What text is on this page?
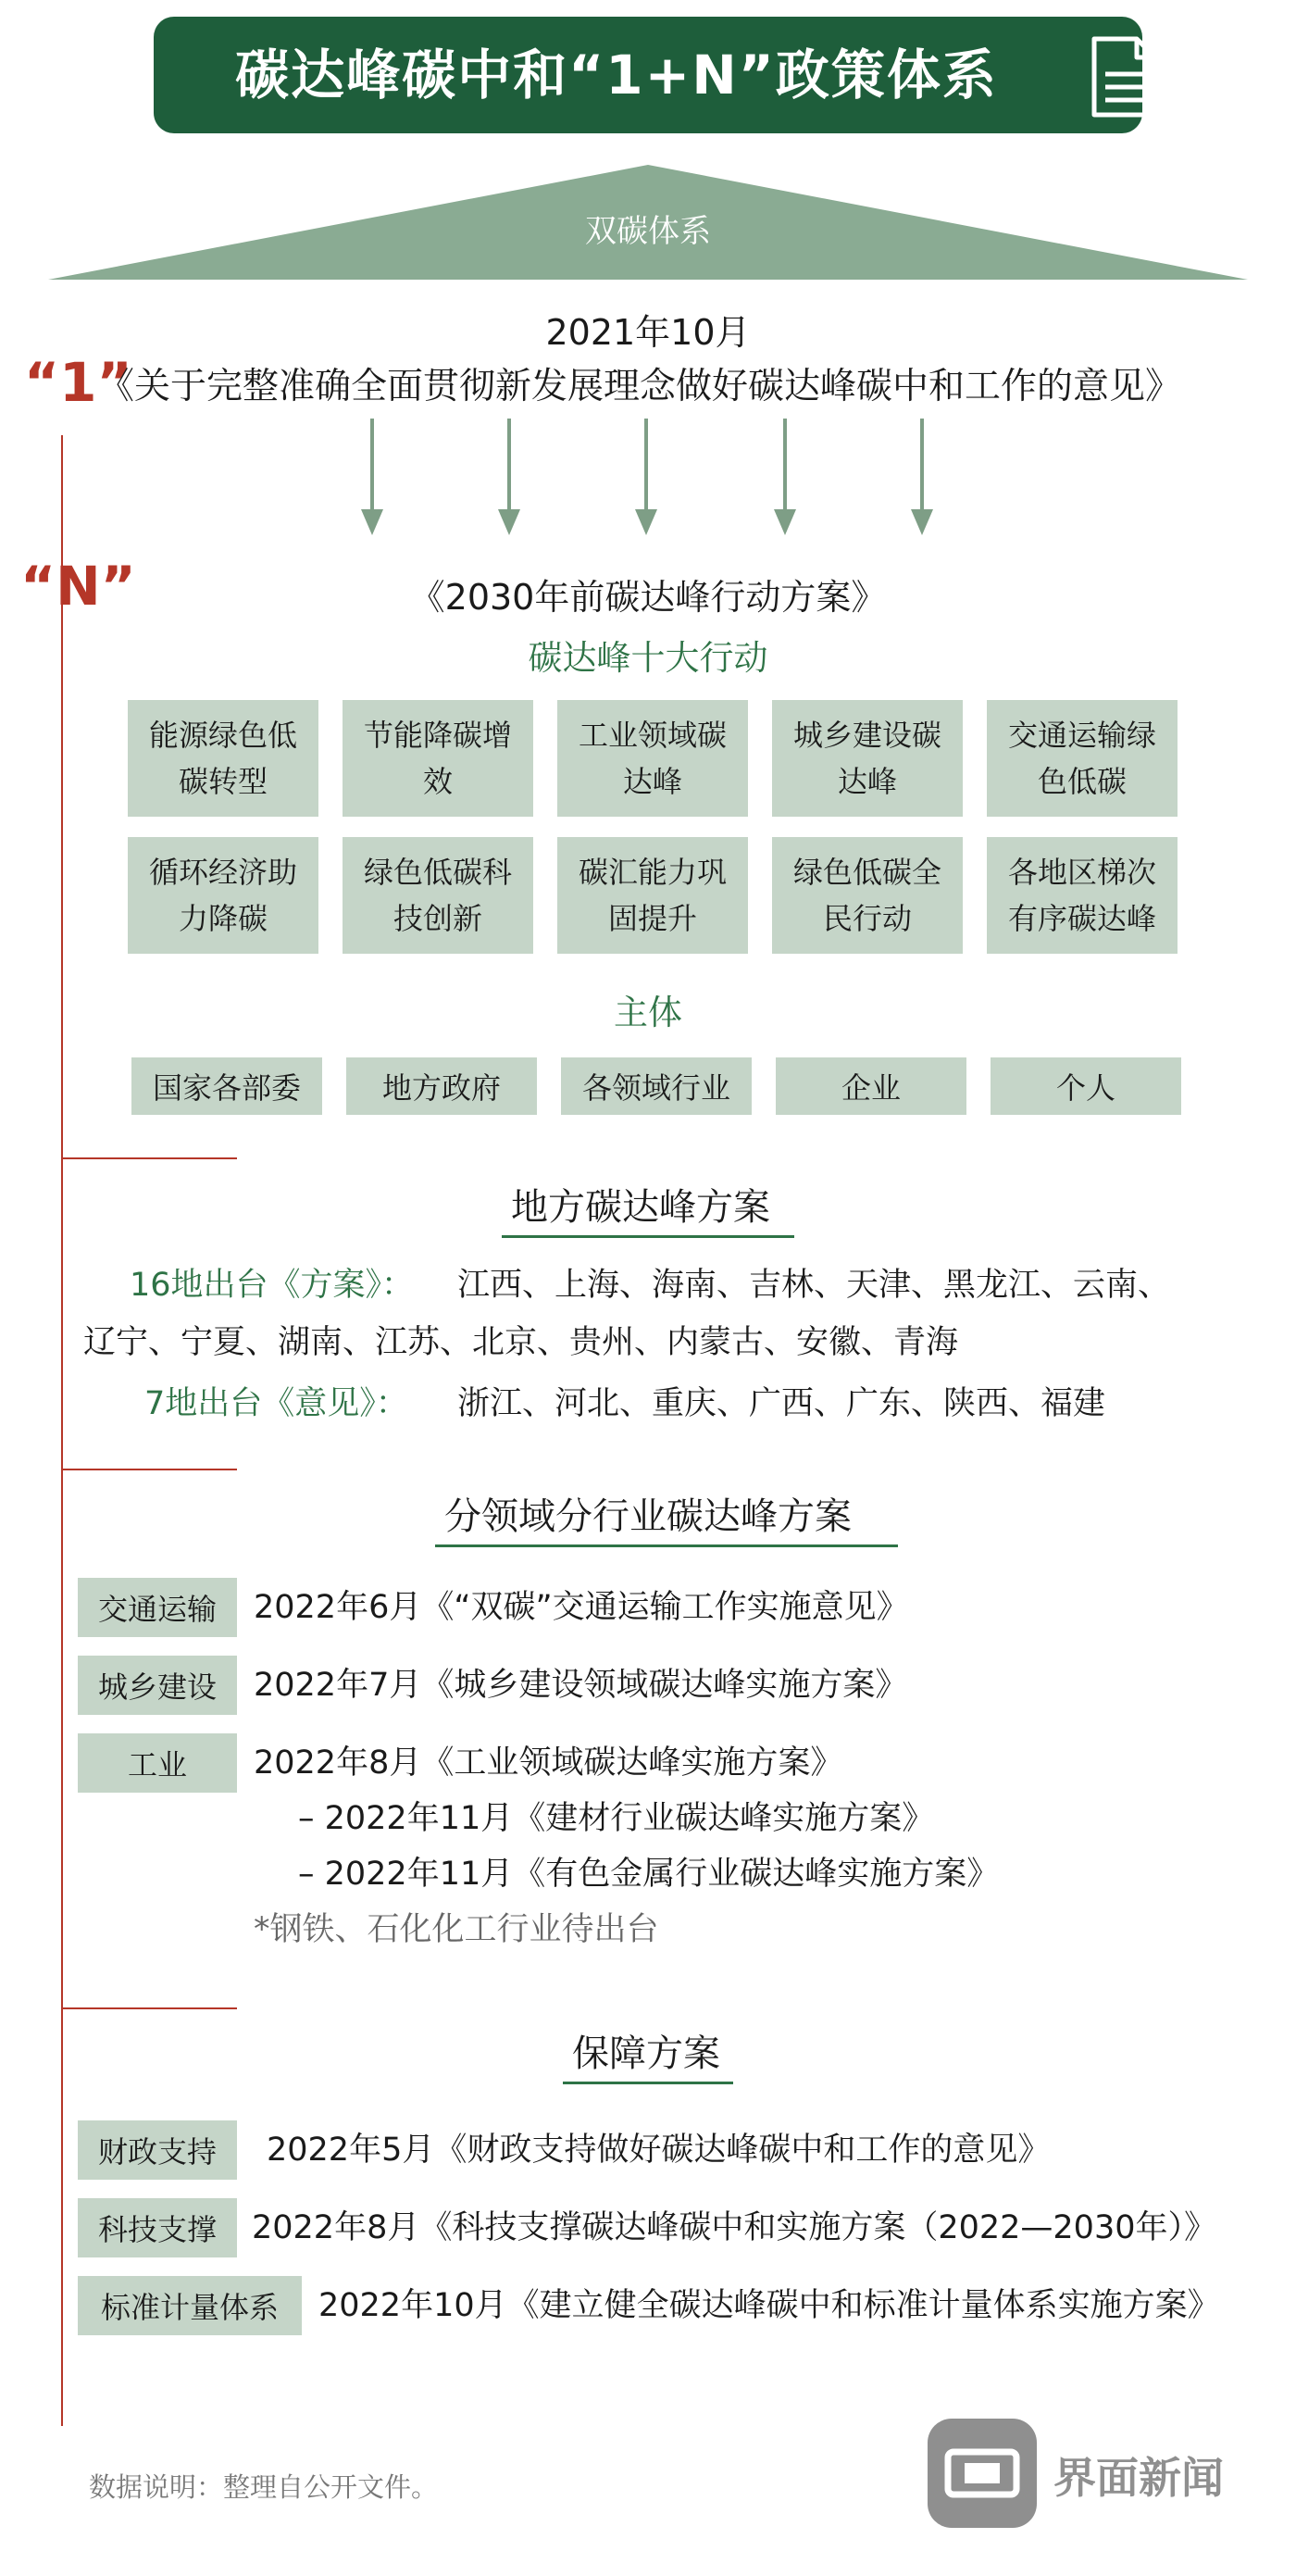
碳达峰碳中和“1+N”政策体系
双碳体系
2021年10月
“1”
《关于完整准确全面贯彻新发展理念做好碳达峰碳中和工作的意见》
“N”	《2030年前碳达峰行动方案》
碳达峰十大行动
能源绿色低碳转型
节能降碳增效
工业领域碳达峰
城乡建设碳达峰
交通运输绿色低碳
循环经济助力降碳
绿色低碳科技创新
碳汇能力巩固提升
绿色低碳全民行动
各地区梯次有序碳达峰
主体
国家各部委	地方政府	各领域行业	企业	个人
地方碳达峰方案
16地出台《方案》： 江西、上海、海南、吉林、天津、黑龙江、云南、
辽宁、宁夏、湖南、江苏、北京、贵州、内蒙古、安徽、青海
7地出台《意见》： 浙江、河北、重庆、广西、广东、陕西、福建
分领域分行业碳达峰方案
交通运输 2022年6月《“双碳”交通运输工作实施意见》
城乡建设 2022年7月《城乡建设领域碳达峰实施方案》
工业 2022年8月《工业领域碳达峰实施方案》
– 2022年11月《建材行业碳达峰实施方案》
– 2022年11月《有色金属行业碳达峰实施方案》
*钢铁、石化化工行业待出台
保障方案
财政支持 2022年5月《财政支持做好碳达峰碳中和工作的意见》
科技支撑 2022年8月《科技支撑碳达峰碳中和实施方案（2022—2030年）》
标准计量体系 2022年10月《建立健全碳达峰碳中和标准计量体系实施方案》
数据说明：整理自公开文件。	界面新闻
